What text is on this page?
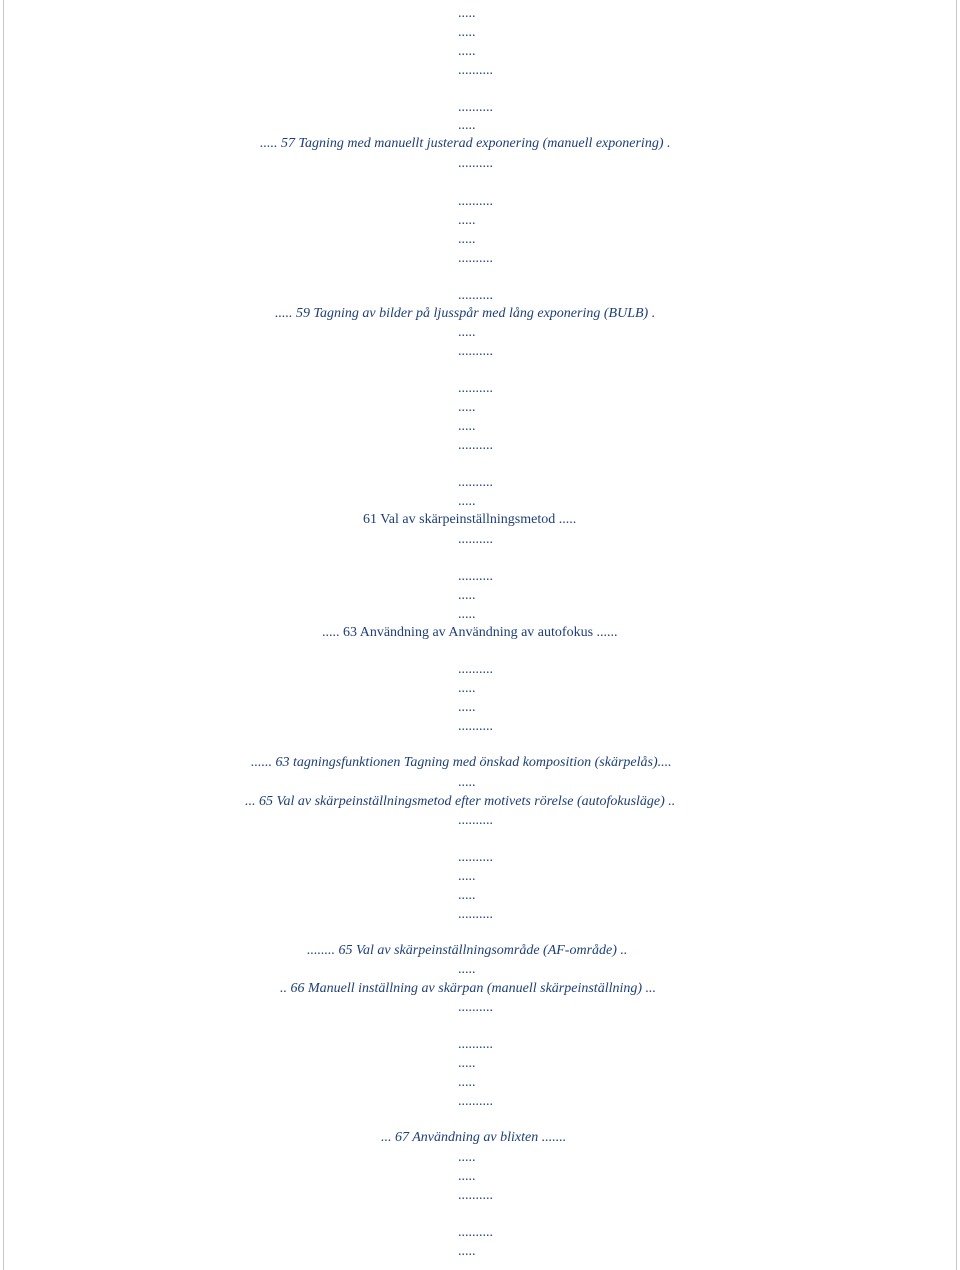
.....
.....
.....
..........
..........
.....
..... 57 Tagning med manuellt justerad exponering (manuell exponering) .
..........
..........
.....
.....
..........
..........
..... 59 Tagning av bilder på ljusspår med lång exponering (BULB) .
.....
..........
..........
.....
.....
..........
..........
.....
61 Val av skärpeinställningsmetod .....
..........
..........
.....
.....
..... 63 Användning av Användning av autofokus ......
..........
.....
.....
..........
...... 63 tagningsfunktionen Tagning med önskad komposition (skärpelås)....
.....
... 65 Val av skärpeinställningsmetod efter motivets rörelse (autofokusläge) ..
..........
..........
.....
.....
..........
........ 65 Val av skärpeinställningsområde (AF-område) ..
.....
.. 66 Manuell inställning av skärpan (manuell skärpeinställning) ...
..........
..........
.....
.....
..........
... 67 Användning av blixten .......
.....
.....
..........
..........
.....
